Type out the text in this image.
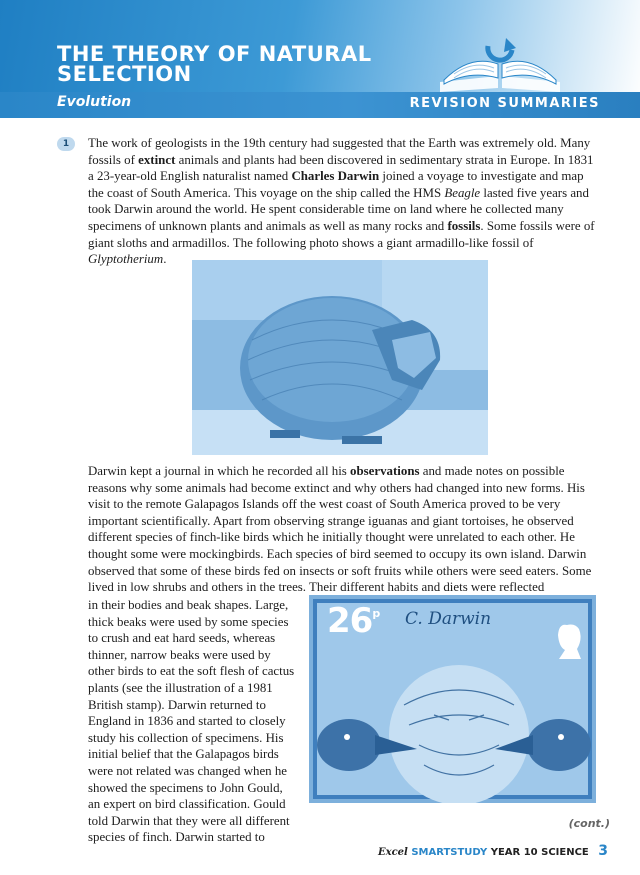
THE THEORY OF NATURAL
SELECTION
Evolution	REVISION SUMMARIES
1	The work of geologists in the 19th century had suggested that the Earth was extremely old. Many fossils of extinct animals and plants had been discovered in sedimentary strata in Europe. In 1831 a 23-year-old English naturalist named Charles Darwin joined a voyage to investigate and map the coast of South America. This voyage on the ship called the HMS Beagle lasted five years and took Darwin around the world. He spent considerable time on land where he collected many specimens of unknown plants and animals as well as many rocks and fossils. Some fossils were of giant sloths and armadillos. The following photo shows a giant armadillo-like fossil of Glyptotherium.

Darwin kept a journal in which he recorded all his observations and made notes on possible reasons why some animals had become extinct and why others had changed into new forms. His visit to the remote Galapagos Islands off the west coast of South America proved to be very important scientifically. Apart from observing strange iguanas and giant tortoises, he observed different species of finch-like birds which he initially thought were unrelated to each other. He thought some were mockingbirds. Each species of bird seemed to occupy its own island. Darwin observed that some of these birds fed on insects or soft fruits while others were seed eaters. Some lived in low shrubs and others in the trees. Their different habits and diets were reflected

in their bodies and beak shapes. Large, thick beaks were used by some species to crush and eat hard seeds, whereas thinner, narrow beaks were used by other birds to eat the soft flesh of cactus plants (see the illustration of a 1981 British stamp). Darwin returned to England in 1836 and started to closely study his collection of specimens. His initial belief that the Galapagos birds were not related was changed when he showed the specimens to John Gould, an expert on bird classification. Gould told Darwin that they were all different species of finch. Darwin started to

26$^p$ C. Darwin
(cont.)
Excel SMARTSTUDY YEAR 10 SCIENCE 3
